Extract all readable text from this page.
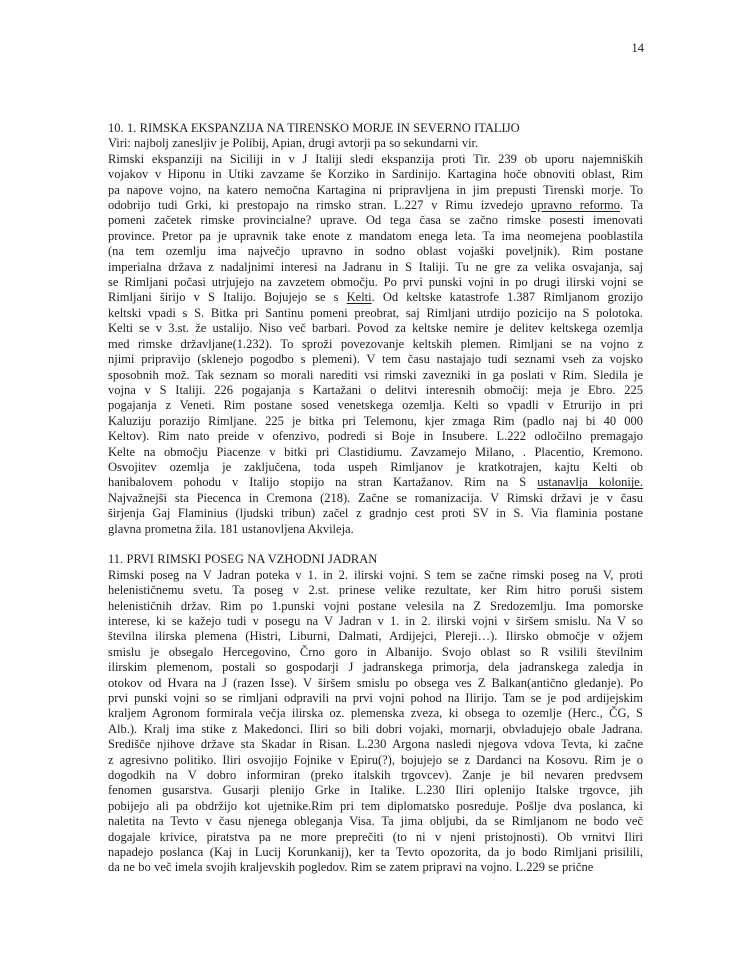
14
10. 1. RIMSKA EKSPANZIJA NA TIRENSKO MORJE IN SEVERNO ITALIJO
Viri: najbolj zanesljiv je Polibij, Apian, drugi avtorji pa so sekundarni vir.
Rimski ekspanziji na Siciliji in v J Italiji sledi ekspanzija proti Tir. 239 ob uporu najemniških
vojakov v Hiponu in Utiki zavzame še Korziko in Sardinijo. Kartagina hoče obnoviti oblast, Rim
pa napove vojno, na katero nemočna Kartagina ni pripravljena in jim prepusti Tirenski morje. To
odobrijo tudi Grki, ki prestopajo na rimsko stran. L.227 v Rimu izvedejo upravno reformo. Ta
pomeni začetek rimske provincialne? uprave. Od tega časa se začno rimske posesti imenovati
province. Pretor pa je upravnik take enote z mandatom enega leta. Ta ima neomejena pooblastila
(na tem ozemlju ima največjo upravno in sodno oblast vojaški poveljnik). Rim postane
imperialna država z nadaljnimi interesi na Jadranu in S Italiji. Tu ne gre za velika osvajanja, saj
se Rimljani počasi utrjujejo na zavzetem območju. Po prvi punski vojni in po drugi ilirski vojni se
Rimljani širijo v S Italijo. Bojujejo se s Kelti. Od keltske katastrofe 1.387 Rimljanom grozijo
keltski vpadi s S. Bitka pri Santinu pomeni preobrat, saj Rimljani utrdijo pozicijo na S polotoka.
Kelti se v 3.st. že ustalijo. Niso več barbari. Povod za keltske nemire je delitev keltskega ozemlja
med rimske državljane(1.232). To sproži povezovanje keltskih plemen. Rimljani se na vojno z
njimi pripravijo (sklenejo pogodbo s plemeni). V tem času nastajajo tudi seznami vseh za vojsko
sposobnih mož. Tak seznam so morali narediti vsi rimski zavezniki in ga poslati v Rim. Sledila je
vojna v S Italiji. 226 pogajanja s Kartažani o delitvi interesnih območij: meja je Ebro. 225
pogajanja z Veneti. Rim postane sosed venetskega ozemlja. Kelti so vpadli v Etrurijo in pri
Kaluziju porazijo Rimljane. 225 je bitka pri Telemonu, kjer zmaga Rim (padlo naj bi 40 000
Keltov). Rim nato preide v ofenzivo, podredi si Boje in Insubere. L.222 odločilno premagajo
Kelte na območju Piacenze v bitki pri Clastidiumu. Zavzamejo Milano, . Placentio, Kremono.
Osvojitev ozemlja je zaključena, toda uspeh Rimljanov je kratkotrajen, kajtu Kelti ob
hanibalovem pohodu v Italijo stopijo na stran Kartažanov. Rim na S ustanavlja kolonije.
Najvažnejši sta Piecenca in Cremona (218). Začne se romanizacija. V Rimski državi je v času
širjenja Gaj Flaminius (ljudski tribun) začel z gradnjo cest proti SV in S. Via flaminia postane
glavna prometna žila. 181 ustanovljena Akvileja.
11. PRVI RIMSKI POSEG NA VZHODNI JADRAN
Rimski poseg na V Jadran poteka v 1. in 2. ilirski vojni. S tem se začne rimski poseg na V, proti
helenističnemu svetu. Ta poseg v 2.st. prinese velike rezultate, ker Rim hitro poruši sistem
helenističnih držav. Rim po 1.punski vojni postane velesila na Z Sredozemlju. Ima pomorske
interese, ki se kažejo tudi v posegu na V Jadran v 1. in 2. ilirski vojni v širšem smislu. Na V so
številna ilirska plemena (Histri, Liburni, Dalmati, Ardijejci, Plereji…). Ilirsko območje v ožjem
smislu je obsegalo Hercegovino, Črno goro in Albanijo. Svojo oblast so R vsilili številnim
ilirskim plemenom, postali so gospodarji J jadranskega primorja, dela jadranskega zaledja in
otokov od Hvara na J (razen Isse). V širšem smislu po obsega ves Z Balkan(antično gledanje). Po
prvi punski vojni so se rimljani odpravili na prvi vojni pohod na Ilirijo. Tam se je pod ardijejskim
kraljem Agronom formirala večja ilirska oz. plemenska zveza, ki obsega to ozemlje (Herc., ČG, S
Alb.). Kralj ima stike z Makedonci. Iliri so bili dobri vojaki, mornarji, obvladujejo obale Jadrana.
Središče njihove države sta Skadar in Risan. L.230 Argona nasledi njegova vdova Tevta, ki začne
z agresivno politiko. Iliri osvojijo Fojnike v Epiru(?), bojujejo se z Dardanci na Kosovu. Rim je o
dogodkih na V dobro informiran (preko italskih trgovcev). Zanje je bil nevaren predvsem
fenomen gusarstva. Gusarji plenijo Grke in Italike. L.230 Iliri oplenijo Italske trgovce, jih
pobijejo ali pa obdržijo kot ujetnike.Rim pri tem diplomatsko posreduje. Pošlje dva poslanca, ki
naletita na Tevto v času njenega obleganja Visa. Ta jima obljubi, da se Rimljanom ne bodo več
dogajale krivice, piratstva pa ne more preprečiti (to ni v njeni pristojnosti). Ob vrnitvi Iliri
napadejo poslanca (Kaj in Lucij Korunkanij), ker ta Tevto opozorita, da jo bodo Rimljani prisilili,
da ne bo več imela svojih kraljevskih pogledov. Rim se zatem pripravi na vojno. L.229 se prične
